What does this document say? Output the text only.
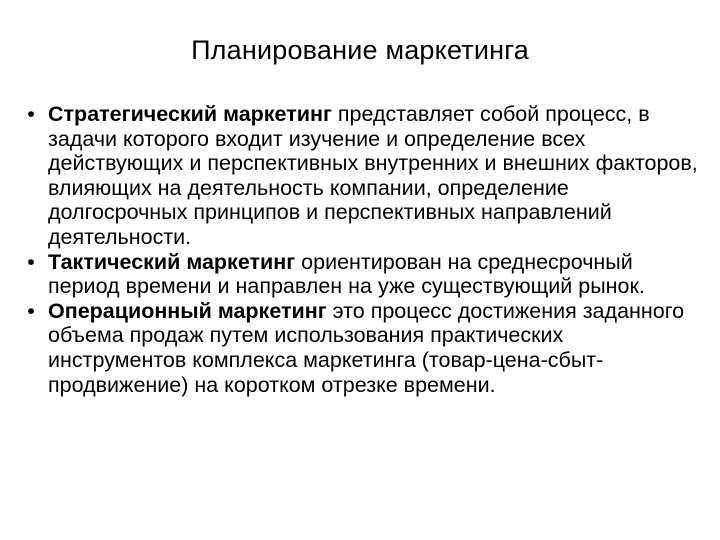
Планирование маркетинга
• Стратегический маркетинг представляет собой процесс, в задачи которого входит изучение и определение всех действующих и перспективных внутренних и внешних факторов, влияющих на деятельность компании, определение долгосрочных принципов и перспективных направлений деятельности.
• Тактический маркетинг ориентирован на среднесрочный период времени и направлен на уже существующий рынок.
• Операционный маркетинг это процесс достижения заданного объема продаж путем использования практических инструментов комплекса маркетинга (товар-цена-сбыт-продвижение) на коротком отрезке времени.
